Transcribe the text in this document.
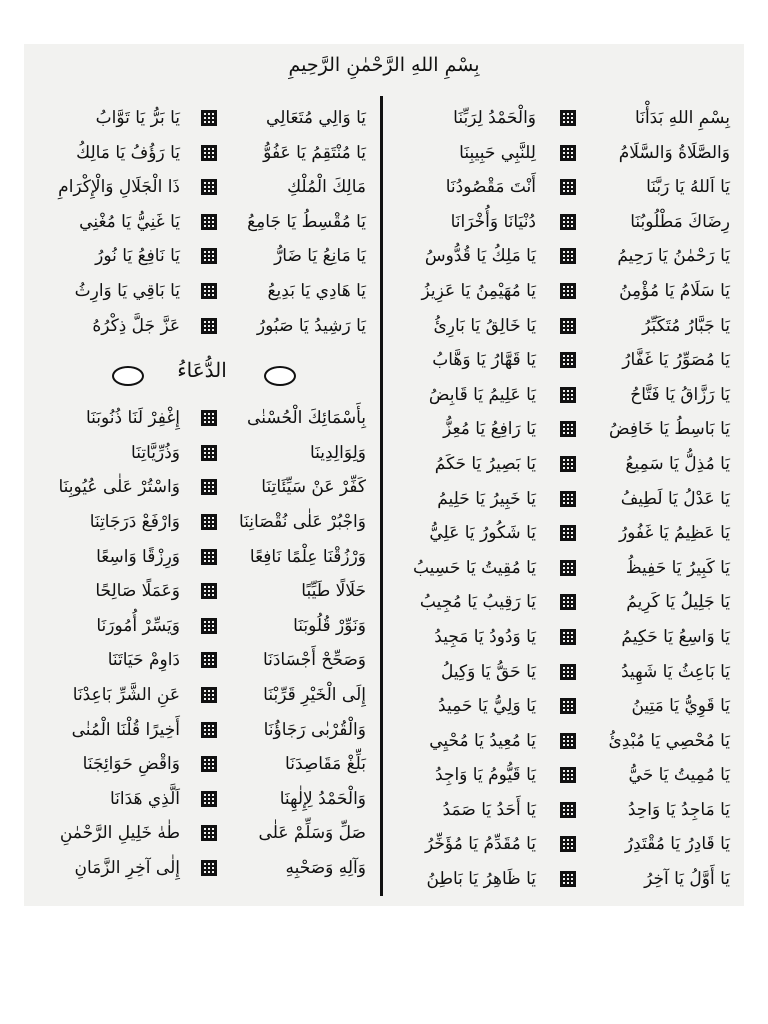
بِسْمِ اللهِ الرَّحْمٰنِ الرَّحِيمِ
بِسْمِ اللهِ بَدَأْنَا
وَالْحَمْدُ لِرَبِّنَا
وَالصَّلَاةُ وَالسَّلَامُ
لِلنَّبِي حَبِيبِنَا
يَا اَللهُ يَا رَبَّنَا
أَنْتَ مَقْصُودُنَا
رِضَاكَ مَطْلُوبُنَا
دُنْيَانَا وَأُخْرَانَا
يَا رَحْمٰنُ يَا رَحِيمُ
يَا مَلِكُ يَا قُدُّوسُ
يَا سَلَامُ يَا مُؤْمِنُ
يَا مُهَيْمِنُ يَا عَزِيزُ
يَا جَبَّارُ مُتَكَبِّرُ
يَا خَالِقُ يَا بَارِئُ
يَا مُصَوِّرُ يَا غَفَّارُ
يَا قَهَّارُ يَا وَهَّابُ
يَا رَزَّاقُ يَا فَتَّاحُ
يَا عَلِيمُ يَا قَابِضُ
يَا بَاسِطُ يَا خَافِضُ
يَا رَافِعُ يَا مُعِزُّ
يَا مُذِلُّ يَا سَمِيعُ
يَا بَصِيرُ يَا حَكَمُ
يَا عَدْلُ يَا لَطِيفُ
يَا خَبِيرُ يَا حَلِيمُ
يَا عَظِيمُ يَا غَفُورُ
يَا شَكُورُ يَا عَلِيُّ
يَا كَبِيرُ يَا حَفِيظُ
يَا مُقِيتُ يَا حَسِيبُ
يَا جَلِيلُ يَا كَرِيمُ
يَا رَقِيبُ يَا مُجِيبُ
يَا وَاسِعُ يَا حَكِيمُ
يَا وَدُودُ يَا مَجِيدُ
يَا بَاعِثُ يَا شَهِيدُ
يَا حَقُّ يَا وَكِيلُ
يَا قَوِيُّ يَا مَتِينُ
يَا وَلِيُّ يَا حَمِيدُ
يَا مُحْصِي يَا مُبْدِئُ
يَا مُعِيدُ يَا مُحْيِي
يَا مُمِيتُ يَا حَيُّ
يَا قَيُّومُ يَا وَاجِدُ
يَا مَاجِدُ يَا وَاحِدُ
يَا أَحَدُ يَا صَمَدُ
يَا قَادِرُ يَا مُقْتَدِرُ
يَا مُقَدِّمُ يَا مُؤَخِّرُ
يَا أَوَّلُ يَا آخِرُ
يَا ظَاهِرُ يَا بَاطِنُ
يَا وَالِي مُتَعَالِي
يَا بَرُّ يَا تَوَّابُ
يَا مُنْتَقِمُ يَا عَفُوُّ
يَا رَؤُفُ يَا مَالِكُ
مَالِكَ الْمُلْكِ
ذَا الْجَلَالِ وَالْإِكْرَامِ
يَا مُقْسِطُ يَا جَامِعُ
يَا غَنِيُّ يَا مُغْنِي
يَا مَانِعُ يَا ضَارُّ
يَا نَافِعُ يَا نُورُ
يَا هَادِي يَا بَدِيعُ
يَا بَاقِي يَا وَارِثُ
يَا رَشِيدُ يَا صَبُورُ
عَزَّ جَلَّ ذِكْرُهُ
الدُّعَاءُ
بِأَسْمَائِكَ الْحُسْنٰى
إِغْفِرْ لَنَا ذُنُوبَنَا
وَلِوَالِدِينَا
وَذُرِّيَّاتِنَا
كَفِّرْ عَنْ سَيِّئَاتِنَا
وَاسْتُرْ عَلٰى عُيُوبِنَا
وَاجْبُرْ عَلٰى نُقْصَانِنَا
وَارْفَعْ دَرَجَاتِنَا
وَرْزُقْنَا عِلْمًا نَافِعًا
وَرِزْقًا وَاسِعًا
حَلَالًا طَيِّبًا
وَعَمَلًا صَالِحًا
وَنَوِّرْ قُلُوبَنَا
وَيَسِّرْ أُمُورَنَا
وَصَحِّحْ أَجْسَادَنَا
دَاوِمْ حَيَاتَنَا
إِلَى الْخَيْرِ قَرِّبْنَا
عَنِ الشَّرِّ بَاعِدْنَا
وَالْقُرْبٰى رَجَاؤُنَا
أَخِيرًا قُلْنَا الْمُنٰى
بَلِّغْ مَقَاصِدَنَا
وَاقْضِ حَوَائِجَنَا
وَالْحَمْدُ لِإِلٰهِنَا
اَلَّذِي هَدَانَا
صَلِّ وَسَلِّمْ عَلٰى
طٰهٰ خَلِيلِ الرَّحْمٰنِ
وَآلِهِ وَصَحْبِهِ
إِلٰى آخِرِ الزَّمَانِ
